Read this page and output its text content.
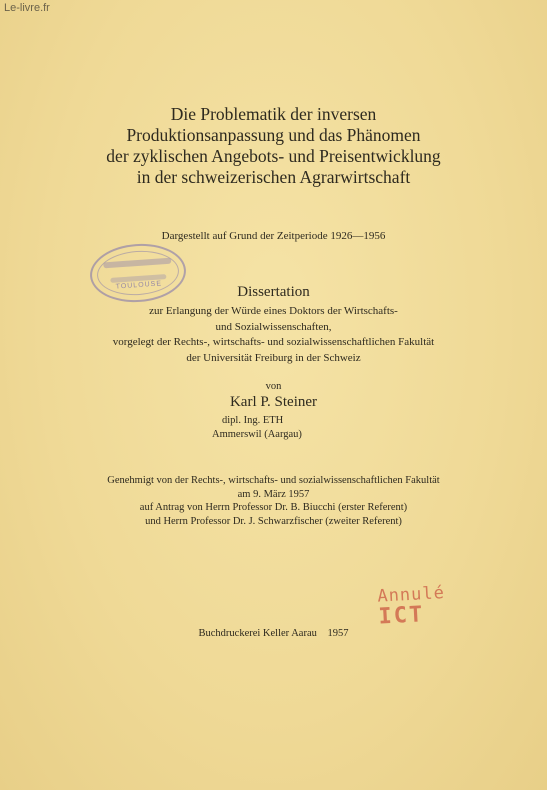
Le-livre.fr
Die Problematik der inversen
Produktionsanpassung und das Phänomen
der zyklischen Angebots- und Preisentwicklung
in der schweizerischen Agrarwirtschaft
Dargestellt auf Grund der Zeitperiode 1926—1956
TOULOUSE	Dissertation
zur Erlangung der Würde eines Doktors der Wirtschafts-
und Sozialwissenschaften,
vorgelegt der Rechts-, wirtschafts- und sozialwissenschaftlichen Fakultät
der Universität Freiburg in der Schweiz
von
Karl P. Steiner
dipl. Ing. ETH
Ammerswil (Aargau)
Genehmigt von der Rechts-, wirtschafts- und sozialwissenschaftlichen Fakultät
am 9. März 1957
auf Antrag von Herrn Professor Dr. B. Biucchi (erster Referent)
und Herrn Professor Dr. J. Schwarzfischer (zweiter Referent)
Annulé
ICT
Buchdruckerei Keller Aarau 1957
